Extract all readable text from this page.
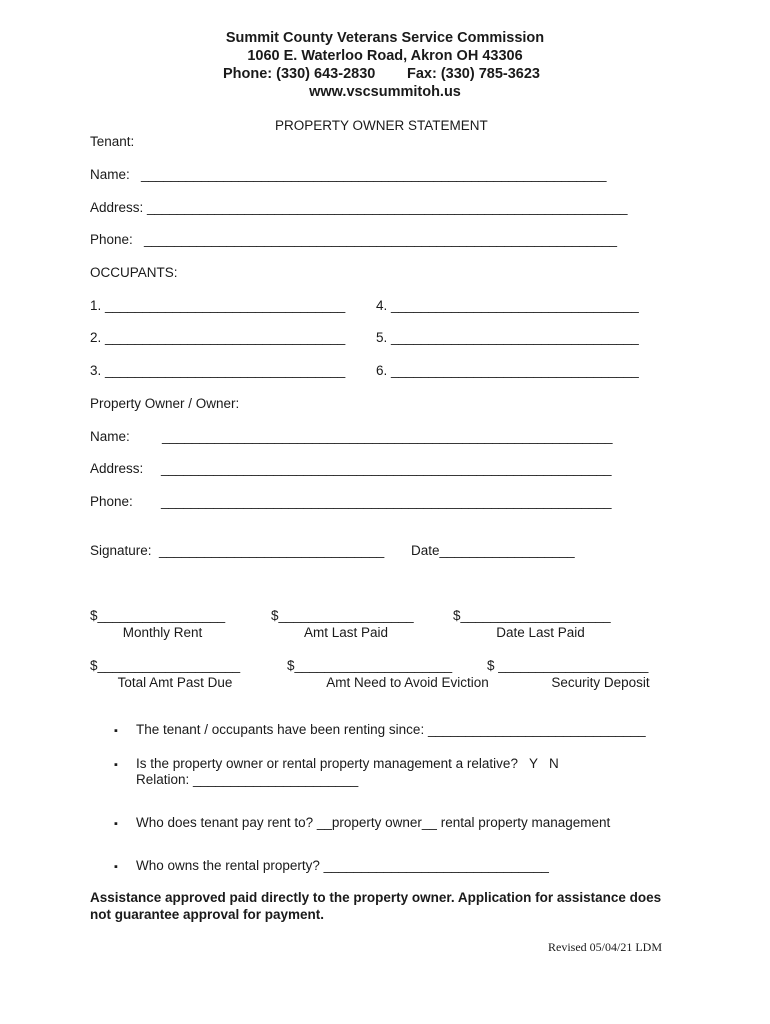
Summit County Veterans Service Commission
1060 E. Waterloo Road, Akron OH 43306
Phone: (330) 643-2830 Fax: (330) 785-3623
www.vscsummitoh.us
PROPERTY OWNER STATEMENT
Tenant:
Name:   ______________________________________________________________
Address: ________________________________________________________________
Phone:   _______________________________________________________________
OCCUPANTS:
1. ________________________________ 4. _________________________________
2. ________________________________ 5. _________________________________
3. ________________________________ 6. _________________________________
Property Owner / Owner:
Name: ____________________________________________________________
Address: ____________________________________________________________
Phone: ____________________________________________________________
Signature:  ______________________________ Date__________________
$_________________	$__________________	$____________________
Monthly Rent	Amt Last Paid	Date Last Paid
$___________________	$_____________________	$ ____________________
Total Amt Past Due	Amt Need to Avoid Eviction	Security Deposit
▪ The tenant / occupants have been renting since: _____________________________
▪ Is the property owner or rental property management a relative?   Y   N
Relation: ______________________
▪ Who does tenant pay rent to? __property owner__ rental property management
▪ Who owns the rental property? ______________________________
Assistance approved paid directly to the property owner. Application for assistance does
not guarantee approval for payment.
Revised 05/04/21 LDM
